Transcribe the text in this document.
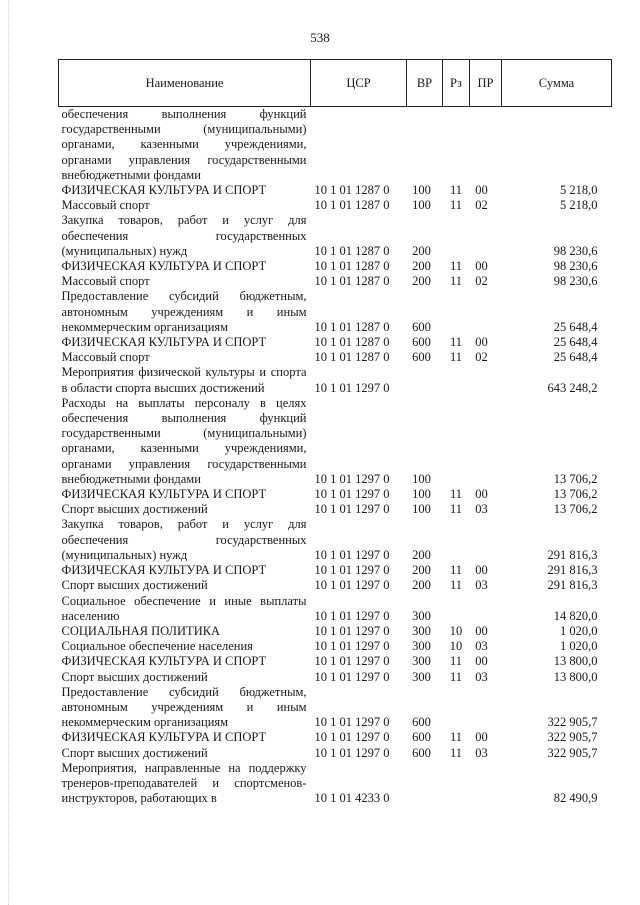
538
Наименование	ЦСР	ВР	Рз	ПР	Сумма
обеспечения выполнения функций государственными (муниципальными) органами, казенными учреждениями, органами управления государственными внебюджетными фондами					
ФИЗИЧЕСКАЯ КУЛЬТУРА И СПОРТ	10 1 01 1287 0	100	11	00	5 218,0
Массовый спорт	10 1 01 1287 0	100	11	02	5 218,0
Закупка товаров, работ и услуг для обеспечения государственных (муниципальных) нужд	10 1 01 1287 0	200			98 230,6
ФИЗИЧЕСКАЯ КУЛЬТУРА И СПОРТ	10 1 01 1287 0	200	11	00	98 230,6
Массовый спорт	10 1 01 1287 0	200	11	02	98 230,6
Предоставление субсидий бюджетным, автономным учреждениям и иным некоммерческим организациям	10 1 01 1287 0	600			25 648,4
ФИЗИЧЕСКАЯ КУЛЬТУРА И СПОРТ	10 1 01 1287 0	600	11	00	25 648,4
Массовый спорт	10 1 01 1287 0	600	11	02	25 648,4
Мероприятия физической культуры и спорта в области спорта высших достижений	10 1 01 1297 0				643 248,2
Расходы на выплаты персоналу в целях обеспечения выполнения функций государственными (муниципальными) органами, казенными учреждениями, органами управления государственными внебюджетными фондами	10 1 01 1297 0	100			13 706,2
ФИЗИЧЕСКАЯ КУЛЬТУРА И СПОРТ	10 1 01 1297 0	100	11	00	13 706,2
Спорт высших достижений	10 1 01 1297 0	100	11	03	13 706,2
Закупка товаров, работ и услуг для обеспечения государственных (муниципальных) нужд	10 1 01 1297 0	200			291 816,3
ФИЗИЧЕСКАЯ КУЛЬТУРА И СПОРТ	10 1 01 1297 0	200	11	00	291 816,3
Спорт высших достижений	10 1 01 1297 0	200	11	03	291 816,3
Социальное обеспечение и иные выплаты населению	10 1 01 1297 0	300			14 820,0
СОЦИАЛЬНАЯ ПОЛИТИКА	10 1 01 1297 0	300	10	00	1 020,0
Социальное обеспечение населения	10 1 01 1297 0	300	10	03	1 020,0
ФИЗИЧЕСКАЯ КУЛЬТУРА И СПОРТ	10 1 01 1297 0	300	11	00	13 800,0
Спорт высших достижений	10 1 01 1297 0	300	11	03	13 800,0
Предоставление субсидий бюджетным, автономным учреждениям и иным некоммерческим организациям	10 1 01 1297 0	600			322 905,7
ФИЗИЧЕСКАЯ КУЛЬТУРА И СПОРТ	10 1 01 1297 0	600	11	00	322 905,7
Спорт высших достижений	10 1 01 1297 0	600	11	03	322 905,7
Мероприятия, направленные на поддержку тренеров-преподавателей и спортсменов-инструкторов, работающих в	10 1 01 4233 0				82 490,9
